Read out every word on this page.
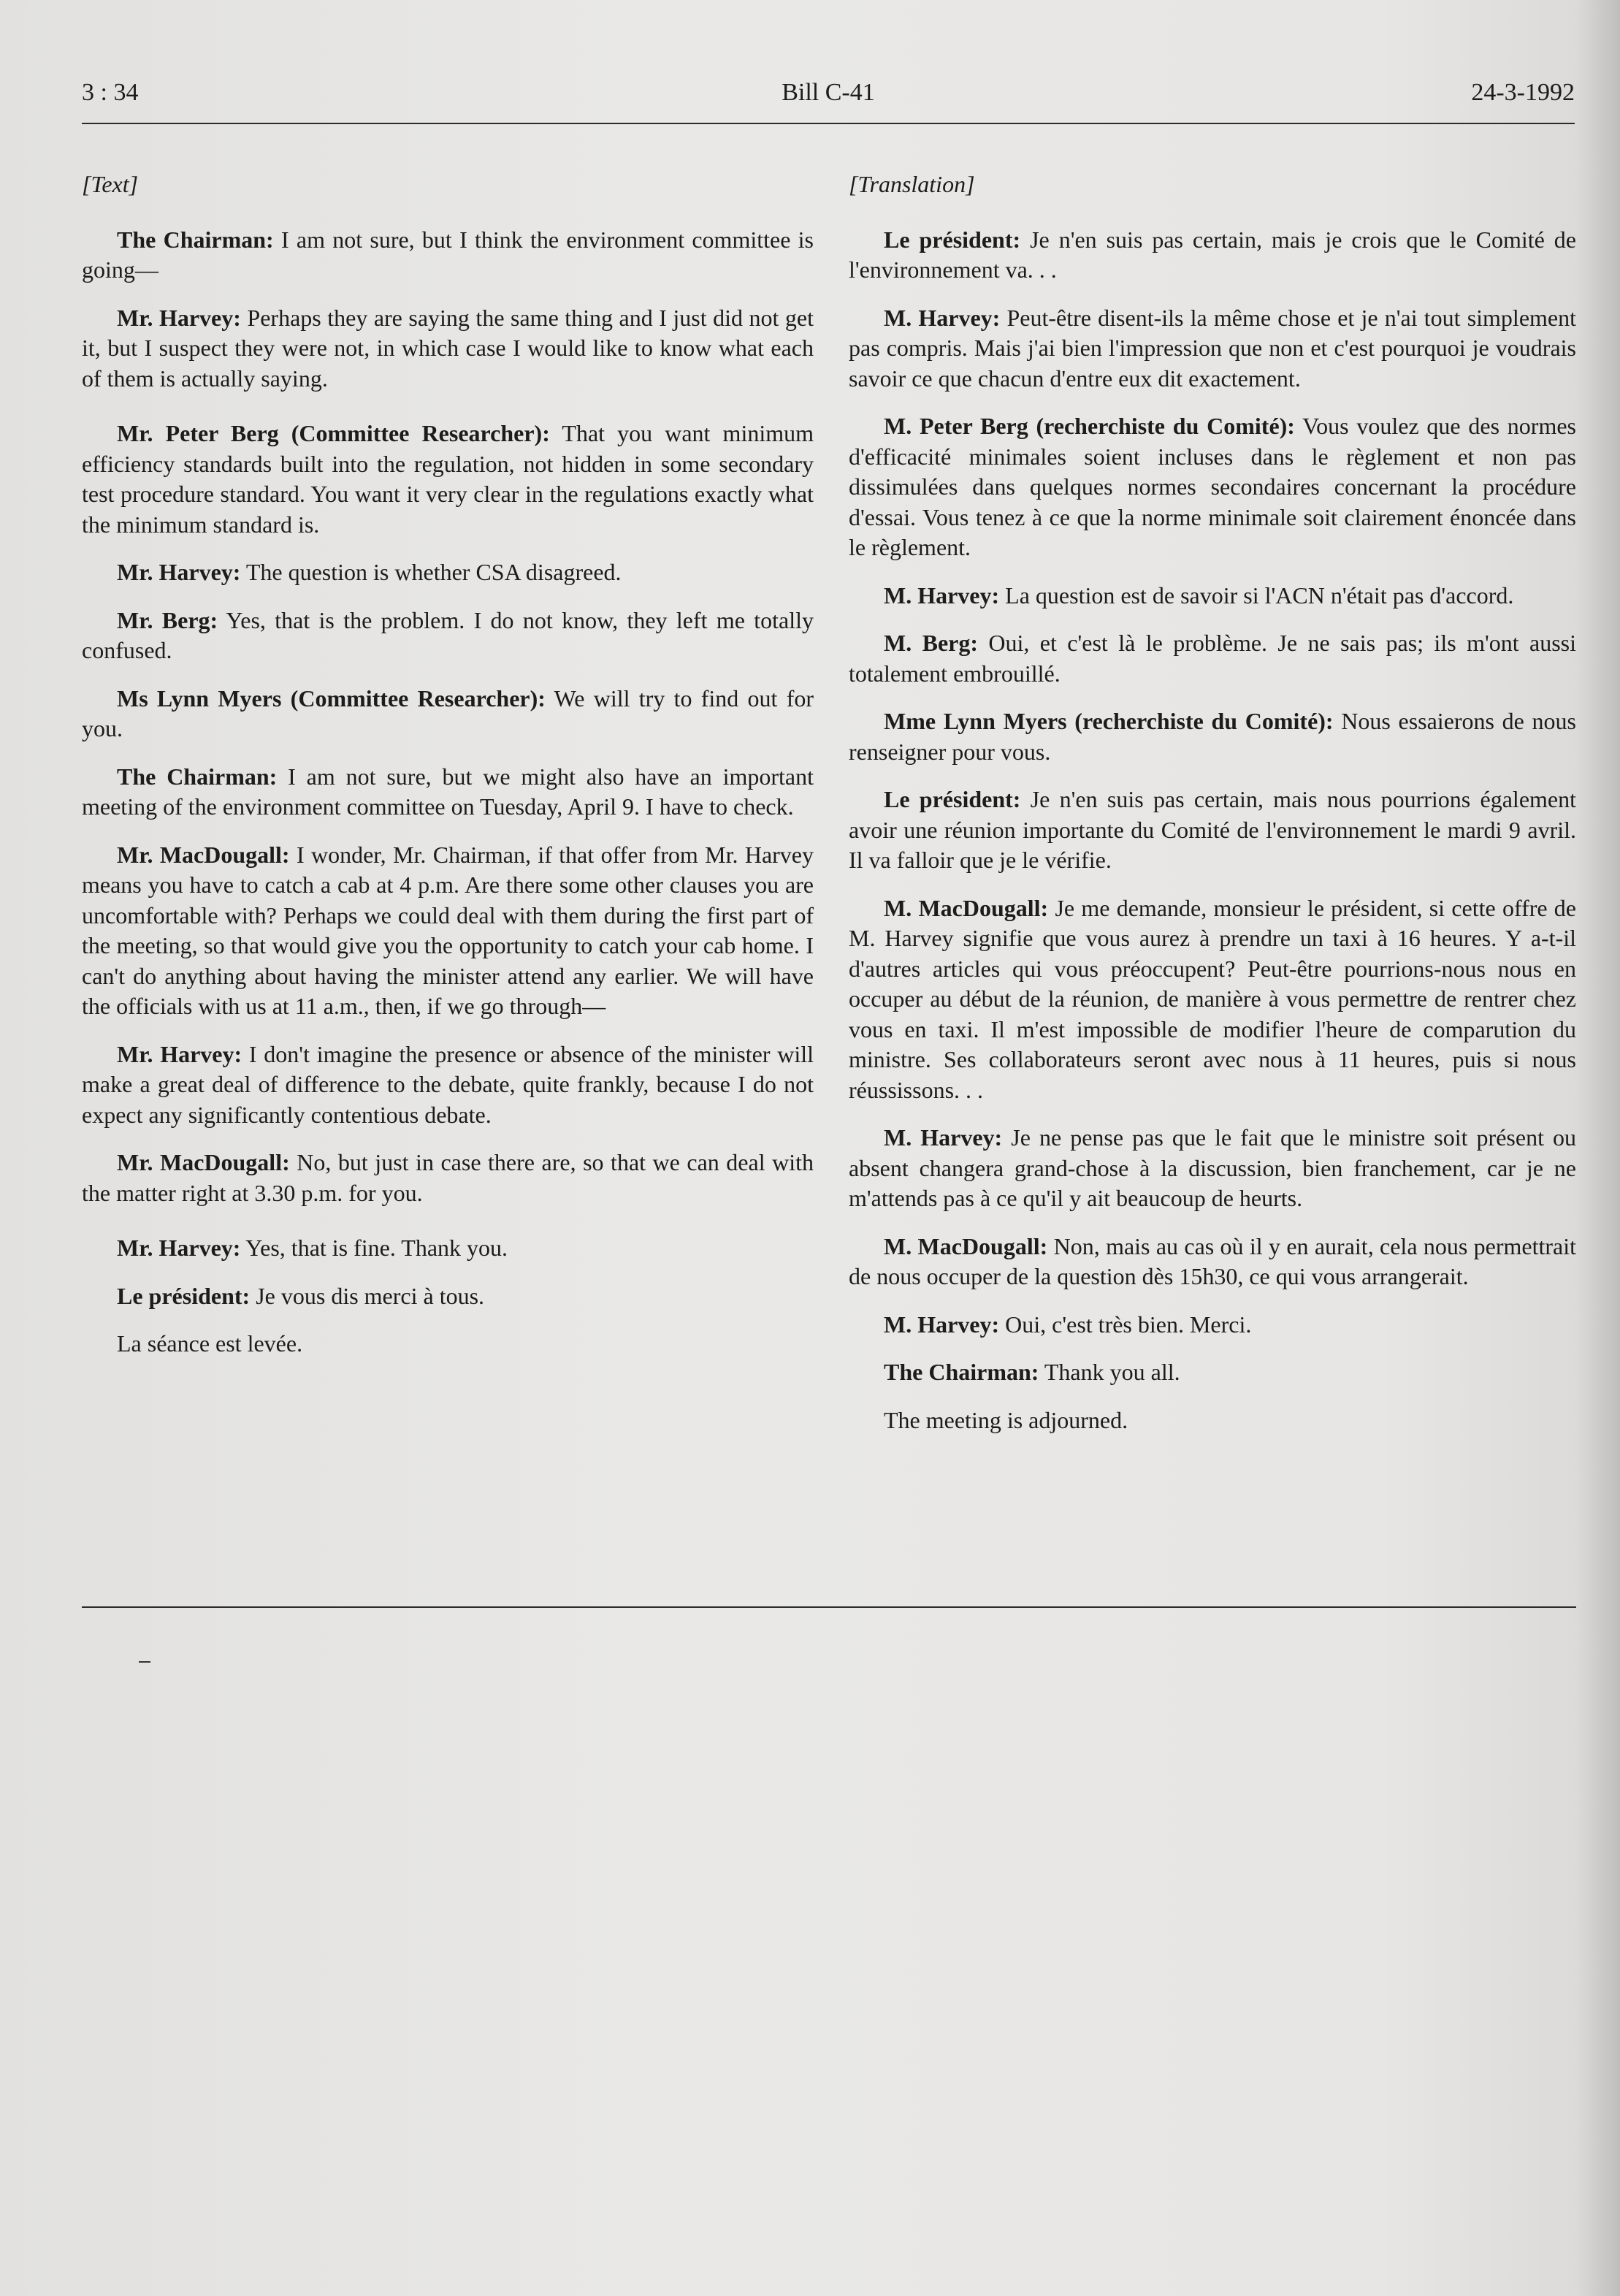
Bill C-41
3 : 34	24-3-1992
[Text]

The Chairman: I am not sure, but I think the environment committee is going—

Mr. Harvey: Perhaps they are saying the same thing and I just did not get it, but I suspect they were not, in which case I would like to know what each of them is actually saying.

Mr. Peter Berg (Committee Researcher): That you want minimum efficiency standards built into the regulation, not hidden in some secondary test procedure standard. You want it very clear in the regulations exactly what the minimum standard is.

Mr. Harvey: The question is whether CSA disagreed.

Mr. Berg: Yes, that is the problem. I do not know, they left me totally confused.

Ms Lynn Myers (Committee Researcher): We will try to find out for you.

The Chairman: I am not sure, but we might also have an important meeting of the environment committee on Tuesday, April 9. I have to check.

Mr. MacDougall: I wonder, Mr. Chairman, if that offer from Mr. Harvey means you have to catch a cab at 4 p.m. Are there some other clauses you are uncomfortable with? Perhaps we could deal with them during the first part of the meeting, so that would give you the opportunity to catch your cab home. I can't do anything about having the minister attend any earlier. We will have the officials with us at 11 a.m., then, if we go through—

Mr. Harvey: I don't imagine the presence or absence of the minister will make a great deal of difference to the debate, quite frankly, because I do not expect any significantly contentious debate.

Mr. MacDougall: No, but just in case there are, so that we can deal with the matter right at 3.30 p.m. for you.

Mr. Harvey: Yes, that is fine. Thank you.

Le président: Je vous dis merci à tous.

La séance est levée.

[Translation]

Le président: Je n'en suis pas certain, mais je crois que le Comité de l'environnement va. . .

M. Harvey: Peut-être disent-ils la même chose et je n'ai tout simplement pas compris. Mais j'ai bien l'impression que non et c'est pourquoi je voudrais savoir ce que chacun d'entre eux dit exactement.

M. Peter Berg (recherchiste du Comité): Vous voulez que des normes d'efficacité minimales soient incluses dans le règlement et non pas dissimulées dans quelques normes secondaires concernant la procédure d'essai. Vous tenez à ce que la norme minimale soit clairement énoncée dans le règlement.

M. Harvey: La question est de savoir si l'ACN n'était pas d'accord.

M. Berg: Oui, et c'est là le problème. Je ne sais pas; ils m'ont aussi totalement embrouillé.

Mme Lynn Myers (recherchiste du Comité): Nous essaierons de nous renseigner pour vous.

Le président: Je n'en suis pas certain, mais nous pourrions également avoir une réunion importante du Comité de l'environnement le mardi 9 avril. Il va falloir que je le vérifie.

M. MacDougall: Je me demande, monsieur le président, si cette offre de M. Harvey signifie que vous aurez à prendre un taxi à 16 heures. Y a-t-il d'autres articles qui vous préoccupent? Peut-être pourrions-nous nous en occuper au début de la réunion, de manière à vous permettre de rentrer chez vous en taxi. Il m'est impossible de modifier l'heure de comparution du ministre. Ses collaborateurs seront avec nous à 11 heures, puis si nous réussissons. . .

M. Harvey: Je ne pense pas que le fait que le ministre soit présent ou absent changera grand-chose à la discussion, bien franchement, car je ne m'attends pas à ce qu'il y ait beaucoup de heurts.

M. MacDougall: Non, mais au cas où il y en aurait, cela nous permettrait de nous occuper de la question dès 15h30, ce qui vous arrangerait.

M. Harvey: Oui, c'est très bien. Merci.

The Chairman: Thank you all.

The meeting is adjourned.
